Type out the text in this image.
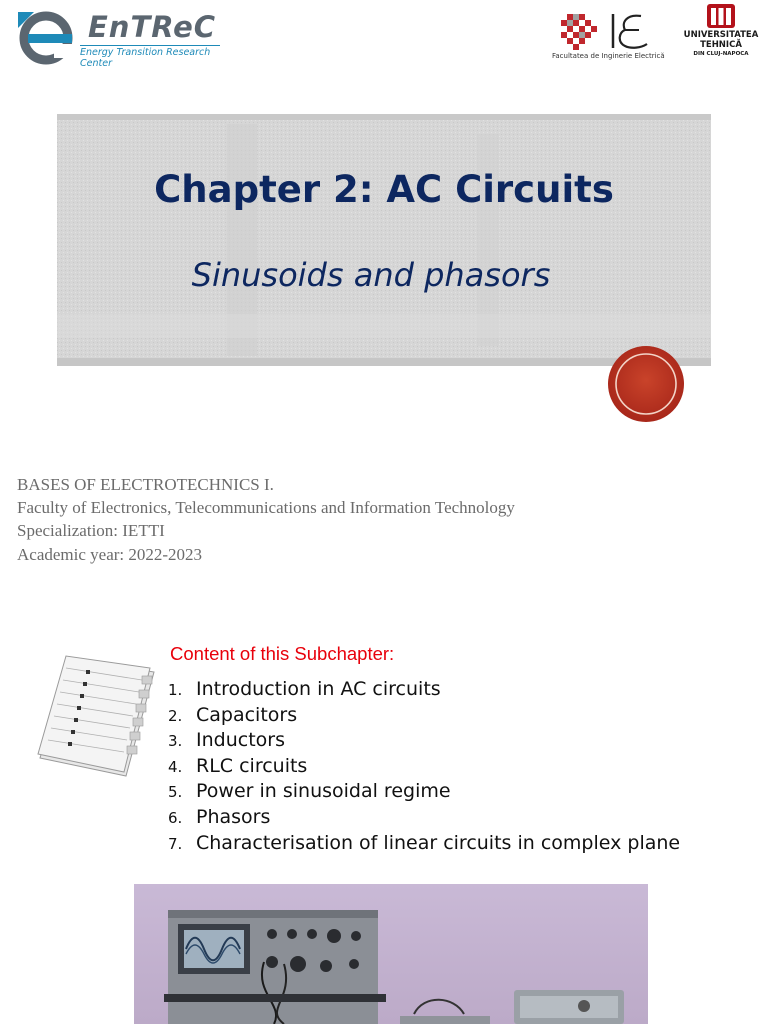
EnTReC
Energy Transition Research Center
Facultatea de Inginerie Electrică
UNIVERSITATEA
TEHNICĂ
DIN CLUJ-NAPOCA
Chapter 2: AC Circuits
Sinusoids and phasors
BASES OF ELECTROTECHNICS I.
Faculty of Electronics, Telecommunications and Information Technology
Specialization: IETTI
Academic year: 2022-2023
Content of this Subchapter:
1. Introduction in AC circuits
2. Capacitors
3. Inductors
4. RLC circuits
5. Power in sinusoidal regime
6. Phasors
7. Characterisation of linear circuits in complex plane
